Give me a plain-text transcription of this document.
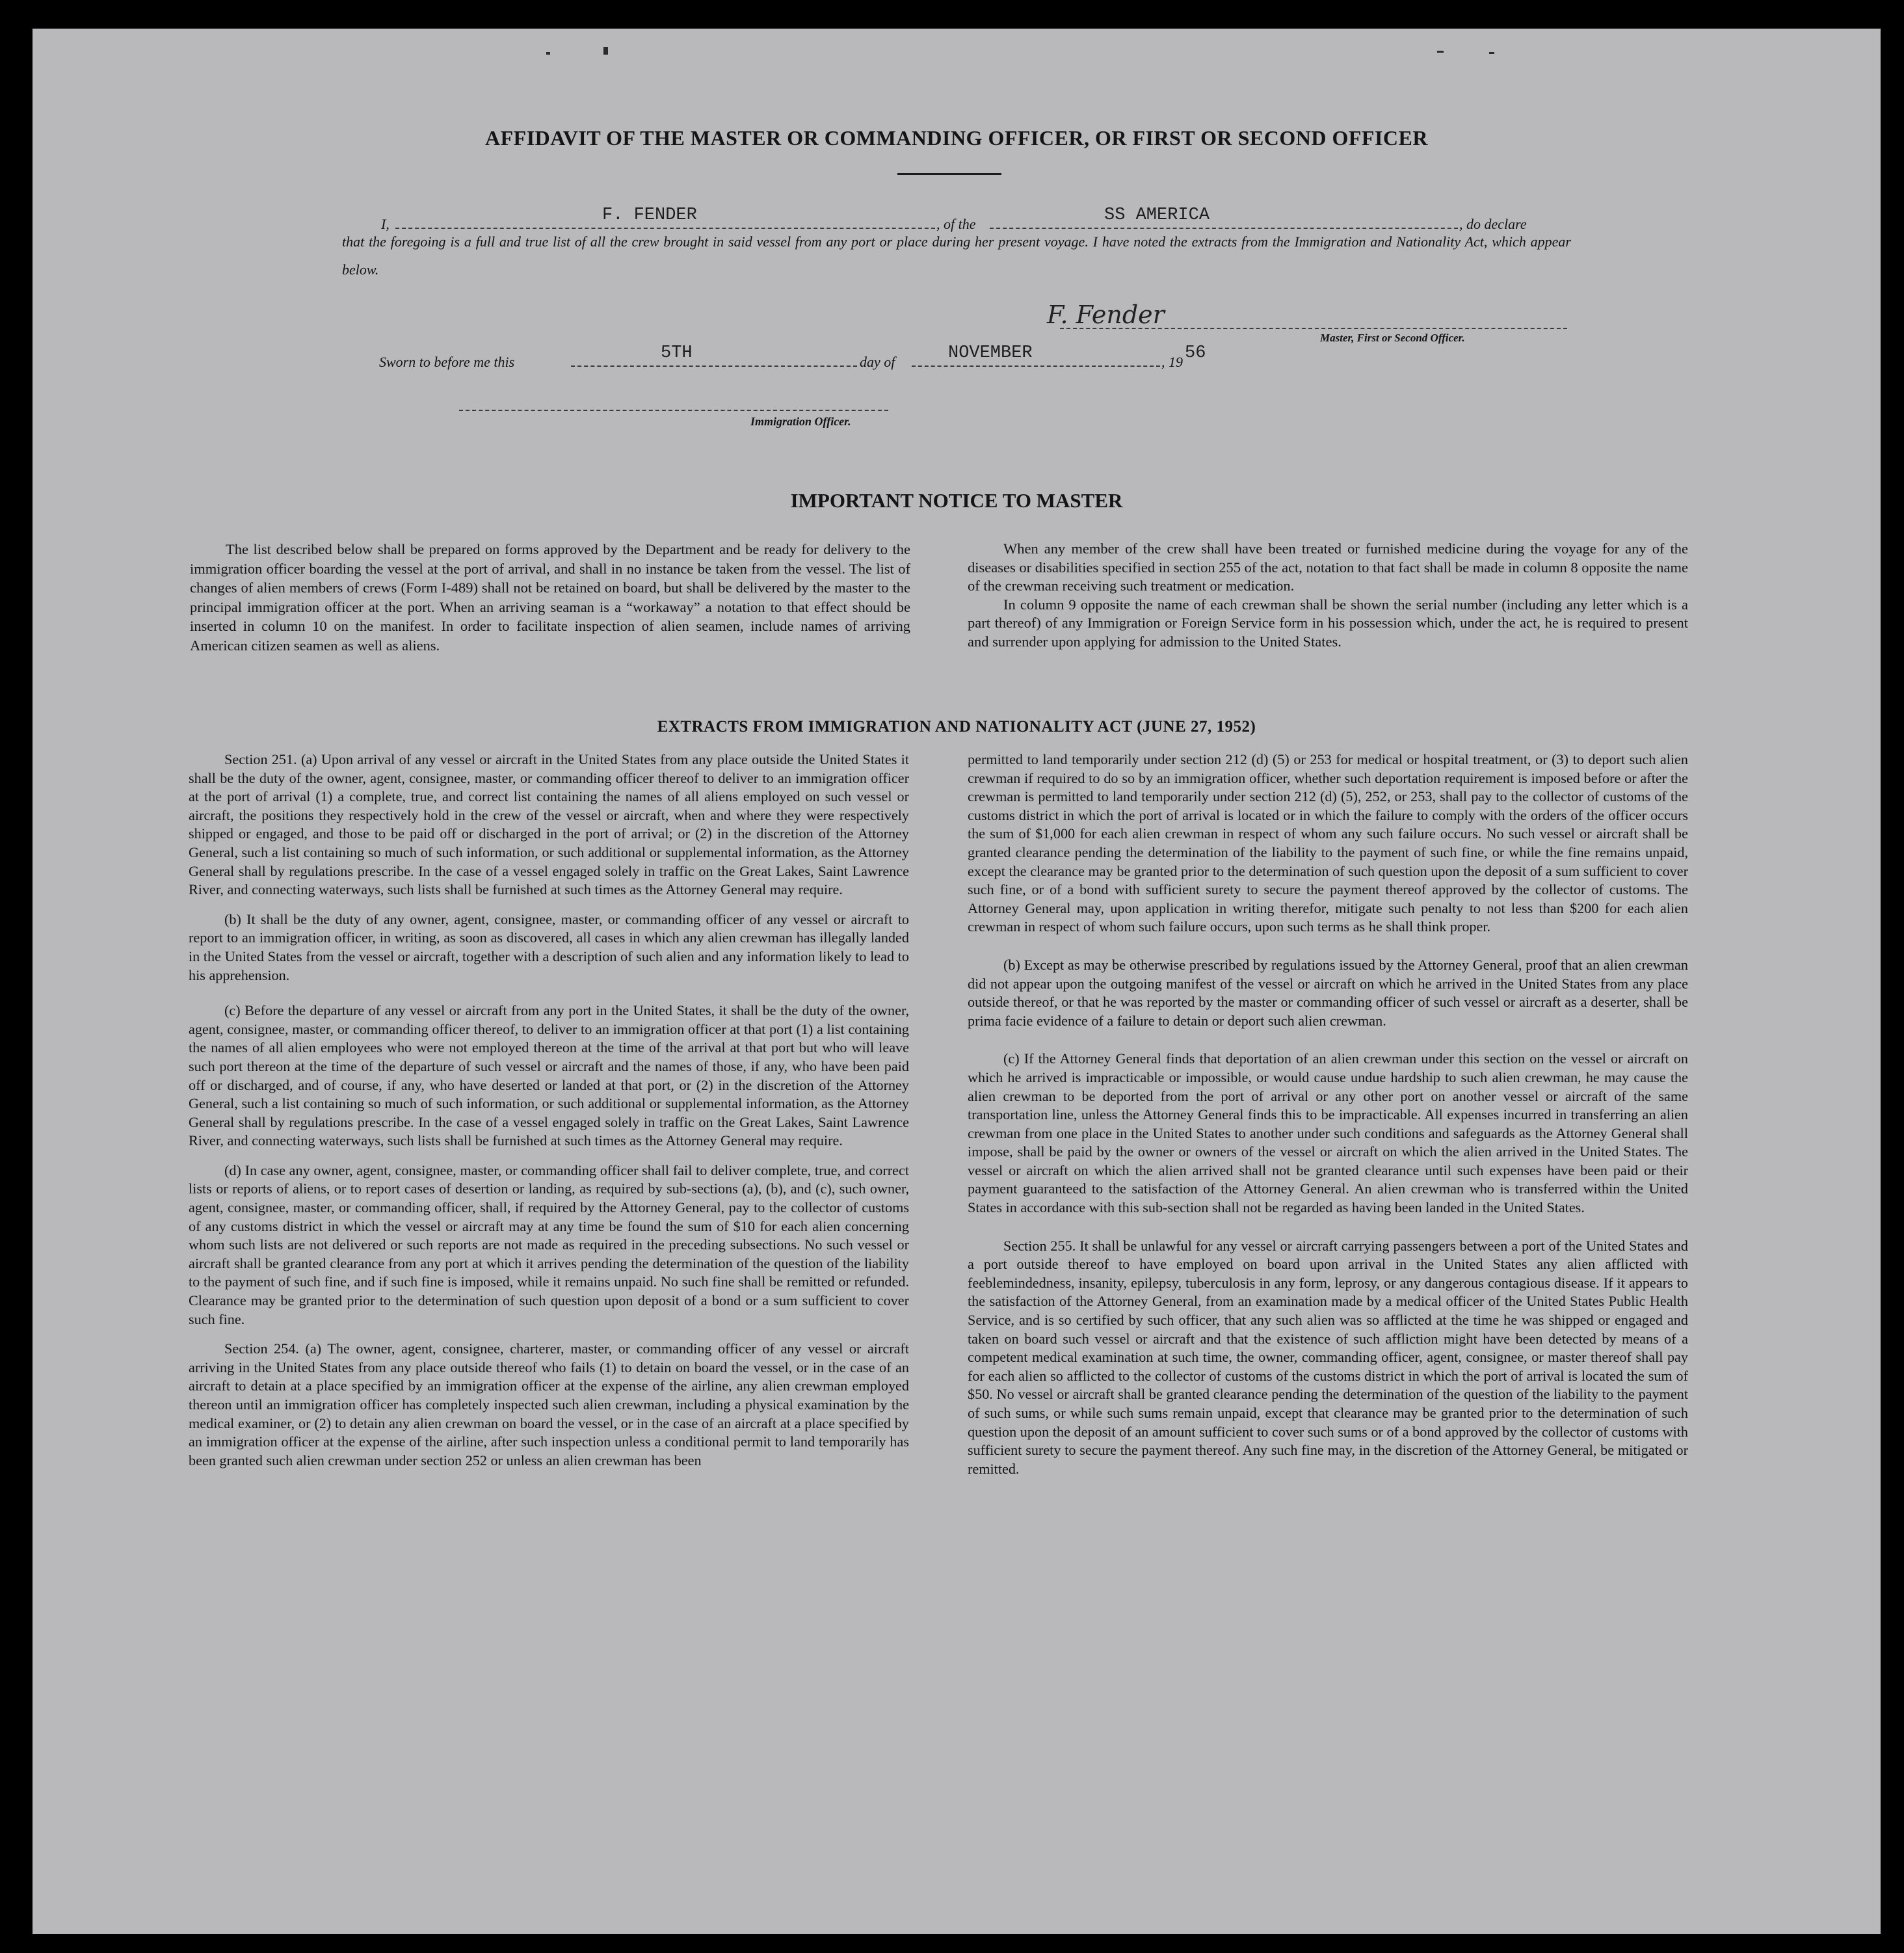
AFFIDAVIT OF THE MASTER OR COMMANDING OFFICER, OR FIRST OR SECOND OFFICER
I,	F. FENDER	, of the	SS AMERICA	, do declare
that the foregoing is a full and true list of all the crew brought in said vessel from any port or place during her present voyage. I have noted the extracts from the Immigration and Nationality Act, which appear below.
F. Fender
Master, First or Second Officer.
Sworn to before me this	5TH	day of	NOVEMBER	, 19 56
Immigration Officer.
IMPORTANT NOTICE TO MASTER

The list described below shall be prepared on forms approved by the Department and be ready for delivery to the immigration officer boarding the vessel at the port of arrival, and shall in no instance be taken from the vessel. The list of changes of alien members of crews (Form I-489) shall not be retained on board, but shall be delivered by the master to the principal immigration officer at the port. When an arriving seaman is a “workaway” a notation to that effect should be inserted in column 10 on the manifest. In order to facilitate inspection of alien seamen, include names of arriving American citizen seamen as well as aliens.

When any member of the crew shall have been treated or furnished medicine during the voyage for any of the diseases or disabilities specified in section 255 of the act, notation to that fact shall be made in column 8 opposite the name of the crewman receiving such treatment or medication.

In column 9 opposite the name of each crewman shall be shown the serial number (including any letter which is a part thereof) of any Immigration or Foreign Service form in his possession which, under the act, he is required to present and surrender upon applying for admission to the United States.

EXTRACTS FROM IMMIGRATION AND NATIONALITY ACT (JUNE 27, 1952)

Section 251. (a) Upon arrival of any vessel or aircraft in the United States from any place outside the United States it shall be the duty of the owner, agent, consignee, master, or commanding officer thereof to deliver to an immigration officer at the port of arrival (1) a complete, true, and correct list containing the names of all aliens employed on such vessel or aircraft, the positions they respectively hold in the crew of the vessel or aircraft, when and where they were respectively shipped or engaged, and those to be paid off or discharged in the port of arrival; or (2) in the discretion of the Attorney General, such a list containing so much of such information, or such additional or supplemental information, as the Attorney General shall by regulations prescribe. In the case of a vessel engaged solely in traffic on the Great Lakes, Saint Lawrence River, and connecting waterways, such lists shall be furnished at such times as the Attorney General may require.

(b) It shall be the duty of any owner, agent, consignee, master, or commanding officer of any vessel or aircraft to report to an immigration officer, in writing, as soon as discovered, all cases in which any alien crewman has illegally landed in the United States from the vessel or aircraft, together with a description of such alien and any information likely to lead to his apprehension.

(c) Before the departure of any vessel or aircraft from any port in the United States, it shall be the duty of the owner, agent, consignee, master, or commanding officer thereof, to deliver to an immigration officer at that port (1) a list containing the names of all alien employees who were not employed thereon at the time of the arrival at that port but who will leave such port thereon at the time of the departure of such vessel or aircraft and the names of those, if any, who have been paid off or discharged, and of course, if any, who have deserted or landed at that port, or (2) in the discretion of the Attorney General, such a list containing so much of such information, or such additional or supplemental information, as the Attorney General shall by regulations prescribe. In the case of a vessel engaged solely in traffic on the Great Lakes, Saint Lawrence River, and connecting waterways, such lists shall be furnished at such times as the Attorney General may require.

(d) In case any owner, agent, consignee, master, or commanding officer shall fail to deliver complete, true, and correct lists or reports of aliens, or to report cases of desertion or landing, as required by sub-sections (a), (b), and (c), such owner, agent, consignee, master, or commanding officer, shall, if required by the Attorney General, pay to the collector of customs of any customs district in which the vessel or aircraft may at any time be found the sum of $10 for each alien concerning whom such lists are not delivered or such reports are not made as required in the preceding subsections. No such vessel or aircraft shall be granted clearance from any port at which it arrives pending the determination of the question of the liability to the payment of such fine, and if such fine is imposed, while it remains unpaid. No such fine shall be remitted or refunded. Clearance may be granted prior to the determination of such question upon deposit of a bond or a sum sufficient to cover such fine.

Section 254. (a) The owner, agent, consignee, charterer, master, or commanding officer of any vessel or aircraft arriving in the United States from any place outside thereof who fails (1) to detain on board the vessel, or in the case of an aircraft to detain at a place specified by an immigration officer at the expense of the airline, any alien crewman employed thereon until an immigration officer has completely inspected such alien crewman, including a physical examination by the medical examiner, or (2) to detain any alien crewman on board the vessel, or in the case of an aircraft at a place specified by an immigration officer at the expense of the airline, after such inspection unless a conditional permit to land temporarily has been granted such alien crewman under section 252 or unless an alien crewman has been

permitted to land temporarily under section 212 (d) (5) or 253 for medical or hospital treatment, or (3) to deport such alien crewman if required to do so by an immigration officer, whether such deportation requirement is imposed before or after the crewman is permitted to land temporarily under section 212 (d) (5), 252, or 253, shall pay to the collector of customs of the customs district in which the port of arrival is located or in which the failure to comply with the orders of the officer occurs the sum of $1,000 for each alien crewman in respect of whom any such failure occurs. No such vessel or aircraft shall be granted clearance pending the determination of the liability to the payment of such fine, or while the fine remains unpaid, except the clearance may be granted prior to the determination of such question upon the deposit of a sum sufficient to cover such fine, or of a bond with sufficient surety to secure the payment thereof approved by the collector of customs. The Attorney General may, upon application in writing therefor, mitigate such penalty to not less than $200 for each alien crewman in respect of whom such failure occurs, upon such terms as he shall think proper.

(b) Except as may be otherwise prescribed by regulations issued by the Attorney General, proof that an alien crewman did not appear upon the outgoing manifest of the vessel or aircraft on which he arrived in the United States from any place outside thereof, or that he was reported by the master or commanding officer of such vessel or aircraft as a deserter, shall be prima facie evidence of a failure to detain or deport such alien crewman.

(c) If the Attorney General finds that deportation of an alien crewman under this section on the vessel or aircraft on which he arrived is impracticable or impossible, or would cause undue hardship to such alien crewman, he may cause the alien crewman to be deported from the port of arrival or any other port on another vessel or aircraft of the same transportation line, unless the Attorney General finds this to be impracticable. All expenses incurred in transferring an alien crewman from one place in the United States to another under such conditions and safeguards as the Attorney General shall impose, shall be paid by the owner or owners of the vessel or aircraft on which the alien arrived in the United States. The vessel or aircraft on which the alien arrived shall not be granted clearance until such expenses have been paid or their payment guaranteed to the satisfaction of the Attorney General. An alien crewman who is transferred within the United States in accordance with this sub-section shall not be regarded as having been landed in the United States.

Section 255. It shall be unlawful for any vessel or aircraft carrying passengers between a port of the United States and a port outside thereof to have employed on board upon arrival in the United States any alien afflicted with feeblemindedness, insanity, epilepsy, tuberculosis in any form, leprosy, or any dangerous contagious disease. If it appears to the satisfaction of the Attorney General, from an examination made by a medical officer of the United States Public Health Service, and is so certified by such officer, that any such alien was so afflicted at the time he was shipped or engaged and taken on board such vessel or aircraft and that the existence of such affliction might have been detected by means of a competent medical examination at such time, the owner, commanding officer, agent, consignee, or master thereof shall pay for each alien so afflicted to the collector of customs of the customs district in which the port of arrival is located the sum of $50. No vessel or aircraft shall be granted clearance pending the determination of the question of the liability to the payment of such sums, or while such sums remain unpaid, except that clearance may be granted prior to the determination of such question upon the deposit of an amount sufficient to cover such sums or of a bond approved by the collector of customs with sufficient surety to secure the payment thereof. Any such fine may, in the discretion of the Attorney General, be mitigated or remitted.
